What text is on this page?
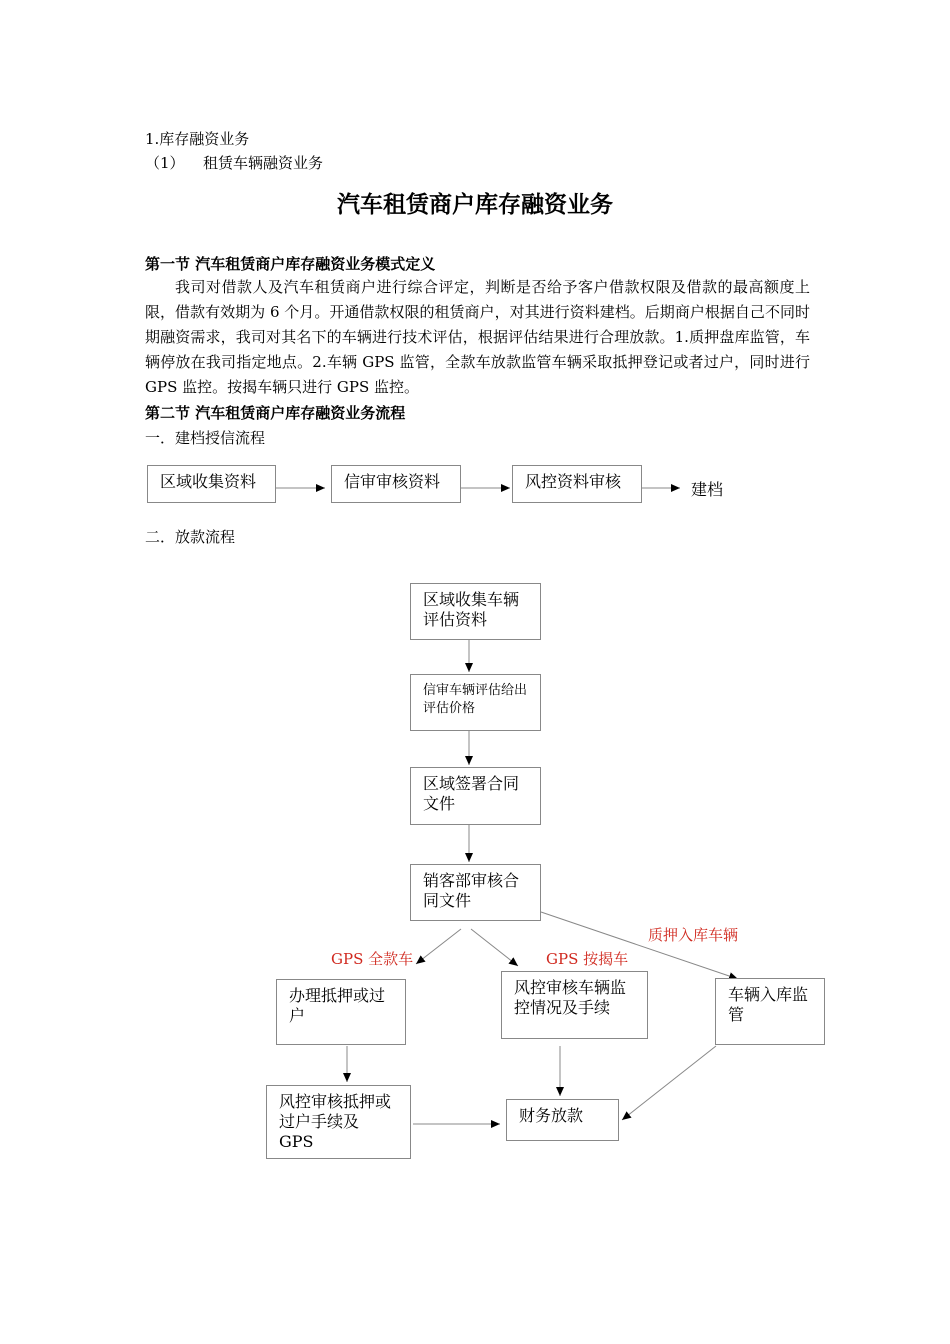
1.库存融资业务
（1） 租赁车辆融资业务
汽车租赁商户库存融资业务
第一节 汽车租赁商户库存融资业务模式定义
我司对借款人及汽车租赁商户进行综合评定，判断是否给予客户借款权限及借款的最高额度上限，借款有效期为 6 个月。开通借款权限的租赁商户，对其进行资料建档。后期商户根据自己不同时期融资需求，我司对其名下的车辆进行技术评估，根据评估结果进行合理放款。1.质押盘库监管，车辆停放在我司指定地点。2.车辆 GPS 监管，全款车放款监管车辆采取抵押登记或者过户，同时进行 GPS 监控。按揭车辆只进行 GPS 监控。
第二节 汽车租赁商户库存融资业务流程
一．建档授信流程
区域收集资料	信审审核资料	风控资料审核	建档
二．放款流程
区域收集车辆评估资料
信审车辆评估给出评估价格
区域签署合同文件
销客部审核合同文件
GPS 全款车	GPS 按揭车
质押入库车辆
办理抵押或过户
风控审核车辆监控情况及手续
车辆入库监管
风控审核抵押或过户手续及 GPS
财务放款
